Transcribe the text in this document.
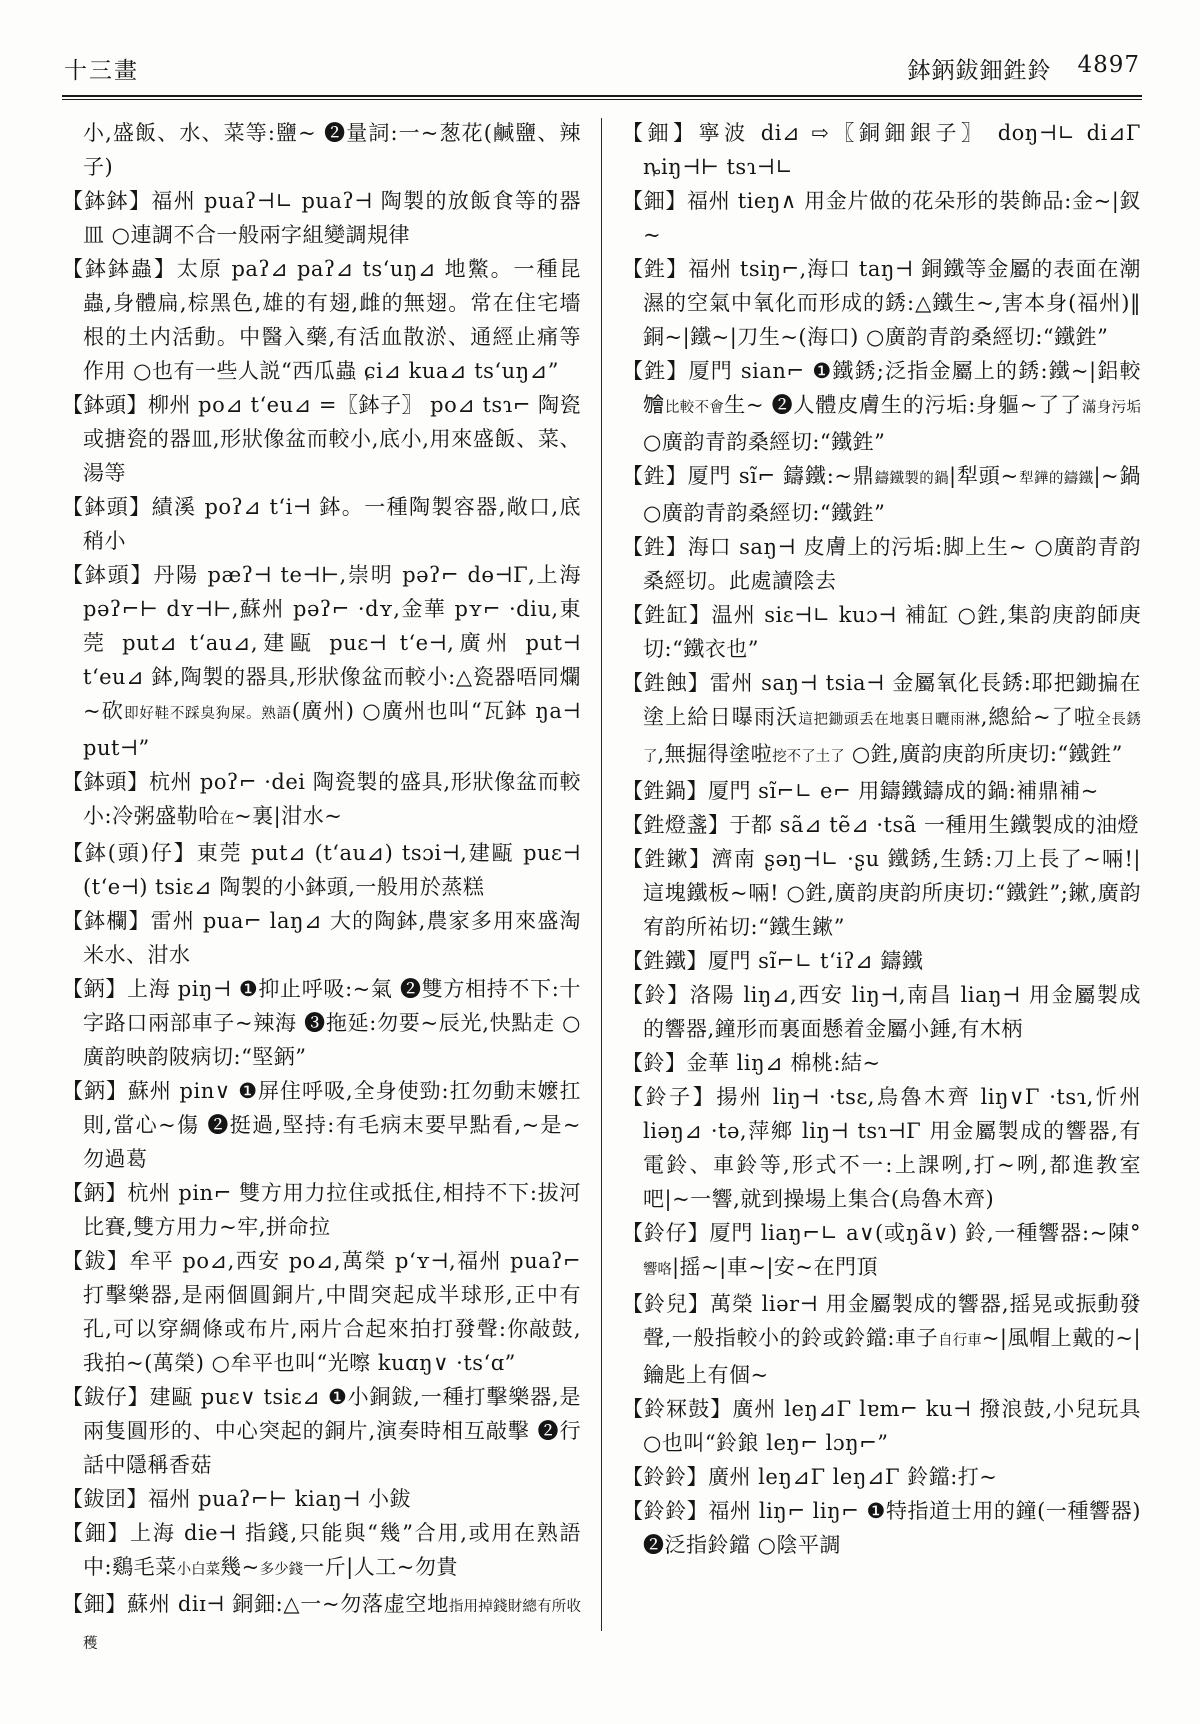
十三畫	鉢鈵鈸鈿鉎鈴 4897

小,盛飯、水、菜等:鹽~ ❷量詞:一~葱花(鹹鹽、辣子)

【鉢鉢】福州 puaʔ⊣∟ puaʔ⊣ 陶製的放飯食等的器皿 ○連調不合一般兩字組變調規律

【鉢鉢蟲】太原 paʔ⊿ paʔ⊿ tsʻuŋ⊿ 地鱉。一種昆蟲,身體扁,棕黑色,雄的有翅,雌的無翅。常在住宅墻根的土内活動。中醫入藥,有活血散淤、通經止痛等作用 ○也有一些人説“西瓜蟲 ɕi⊿ kua⊿ tsʻuŋ⊿”

【鉢頭】柳州 po⊿ tʻeu⊿ =〖鉢子〗 po⊿ tsɿ⌐ 陶瓷或搪瓷的器皿,形狀像盆而較小,底小,用來盛飯、菜、湯等

【鉢頭】績溪 poʔ⊿ tʻi⊣ 鉢。一種陶製容器,敞口,底稍小

【鉢頭】丹陽 pæʔ⊣ te⊣⊢,崇明 pəʔ⌐ dɵ⊣Γ,上海 pəʔ⌐⊢ dʏ⊣⊢,蘇州 pəʔ⌐ ·dʏ,金華 pʏ⌐ ·diu,東莞 put⊿ tʻau⊿,建甌 puɛ⊣ tʻe⊣,廣州 put⊣ tʻeu⊿ 鉢,陶製的器具,形狀像盆而較小:△瓷器唔同爛~砍即好鞋不踩臭狗屎。熟語(廣州) ○廣州也叫“瓦鉢 ŋa⊣ put⊣”

【鉢頭】杭州 poʔ⌐ ·dei 陶瓷製的盛具,形狀像盆而較小:冷粥盛勒哈在~裏|泔水~

【鉢(頭)仔】東莞 put⊿ (tʻau⊿) tsɔi⊣,建甌 puɛ⊣ (tʻe⊣) tsiɛ⊿ 陶製的小鉢頭,一般用於蒸糕

【鉢欄】雷州 pua⌐ laŋ⊿ 大的陶鉢,農家多用來盛淘米水、泔水

【鈵】上海 piŋ⊣ ❶抑止呼吸:~氣 ❷雙方相持不下:十字路口兩部車子~辣海 ❸拖延:勿要~辰光,快點走 ○廣韵映韵陂病切:“堅鈵”

【鈵】蘇州 pin∨ ❶屏住呼吸,全身使勁:扛勿動末嬤扛則,當心~傷 ❷挺過,堅持:有毛病末要早點看,~是~勿過葛

【鈵】杭州 pin⌐ 雙方用力拉住或抵住,相持不下:拔河比賽,雙方用力~牢,拼命拉

【鈸】牟平 po⊿,西安 po⊿,萬榮 pʻʏ⊣,福州 puaʔ⌐ 打擊樂器,是兩個圓銅片,中間突起成半球形,正中有孔,可以穿綢條或布片,兩片合起來拍打發聲:你敲鼓,我拍~(萬榮) ○牟平也叫“光嚓 kuɑŋ∨ ·tsʻɑ”

【鈸仔】建甌 puɛ∨ tsiɛ⊿ ❶小銅鈸,一種打擊樂器,是兩隻圓形的、中心突起的銅片,演奏時相互敲擊 ❷行話中隱稱香菇

【鈸囝】福州 puaʔ⌐⊢ kiaŋ⊣ 小鈸

【鈿】上海 die⊣ 指錢,只能與“幾”合用,或用在熟語中:鷄毛菜小白菜幾~多少錢一斤|人工~勿貴

【鈿】蘇州 diɪ⊣ 銅鈿:△一~勿落虚空地指用掉錢財總有所收穫

【鈿】寧波 di⊿ ⇨〖銅鈿銀子〗 doŋ⊣∟ di⊿Γ ȵiŋ⊣⊢ tsɿ⊣∟

【鈿】福州 tieŋ∧ 用金片做的花朵形的裝飾品:金~|釵~

【鉎】福州 tsiŋ⌐,海口 taŋ⊣ 銅鐵等金屬的表面在潮濕的空氣中氧化而形成的銹:△鐵生~,害本身(福州)‖銅~|鐵~|刀生~(海口) ○廣韵青韵桑經切:“鐵鉎”

【鉎】厦門 sian⌐ ❶鐵銹;泛指金屬上的銹:鐵~|鋁較𣍐比較不會生~ ❷人體皮膚生的污垢:身軀~了了滿身污垢 ○廣韵青韵桑經切:“鐵鉎”

【鉎】厦門 sĩ⌐ 鑄鐵:~鼎鑄鐵製的鍋|犁頭~犁鏵的鑄鐵|~鍋 ○廣韵青韵桑經切:“鐵鉎”

【鉎】海口 saŋ⊣ 皮膚上的污垢:脚上生~ ○廣韵青韵桑經切。此處讀陰去

【鉎缸】温州 siɛ⊣∟ kuɔ⊣ 補缸 ○鉎,集韵庚韵師庚切:“鐵衣也”

【鉎蝕】雷州 saŋ⊣ tsia⊣ 金屬氧化長銹:耶把鋤揙在塗上給日曝雨沃這把鋤頭丢在地裏日曬雨淋,總給~了啦全長銹了,無掘得塗啦挖不了土了 ○鉎,廣韵庚韵所庚切:“鐵鉎”

【鉎鍋】厦門 sĩ⌐∟ e⌐ 用鑄鐵鑄成的鍋:補鼎補~

【鉎燈盞】于都 sã⊿ tẽ⊿ ·tsã 一種用生鐵製成的油燈

【鉎鏉】濟南 ʂəŋ⊣∟ ·ʂu 鐵銹,生銹:刀上長了~啢!|這塊鐵板~啢! ○鉎,廣韵庚韵所庚切:“鐵鉎”;鏉,廣韵宥韵所祐切:“鐵生鏉”

【鉎鐵】厦門 sĩ⌐∟ tʻiʔ⊿ 鑄鐵

【鈴】洛陽 liŋ⊿,西安 liŋ⊣,南昌 liaŋ⊣ 用金屬製成的響器,鐘形而裏面懸着金屬小錘,有木柄

【鈴】金華 liŋ⊿ 棉桃:結~

【鈴子】揚州 liŋ⊣ ·tsɛ,烏魯木齊 liŋ∨Γ ·tsɿ,忻州 liəŋ⊿ ·tə,萍鄉 liŋ⊣ tsɿ⊣Γ 用金屬製成的響器,有電鈴、車鈴等,形式不一:上課咧,打~咧,都進教室吧|~一響,就到操場上集合(烏魯木齊)

【鈴仔】厦門 liaŋ⌐∟ a∨(或ŋã∨) 鈴,一種響器:~陳°響咯|摇~|車~|安~在門頂

【鈴兒】萬榮 liər⊣ 用金屬製成的響器,摇晃或振動發聲,一般指較小的鈴或鈴鐺:車子自行車~|風帽上戴的~|鑰匙上有個~

【鈴冧鼓】廣州 leŋ⊿Γ lɐm⌐ ku⊣ 撥浪鼓,小兒玩具 ○也叫“鈴鋃 leŋ⌐ lɔŋ⌐”

【鈴鈴】廣州 leŋ⊿Γ leŋ⊿Γ 鈴鐺:打~

【鈴鈴】福州 liŋ⌐ liŋ⌐ ❶特指道士用的鐘(一種響器) ❷泛指鈴鐺 ○陰平調
